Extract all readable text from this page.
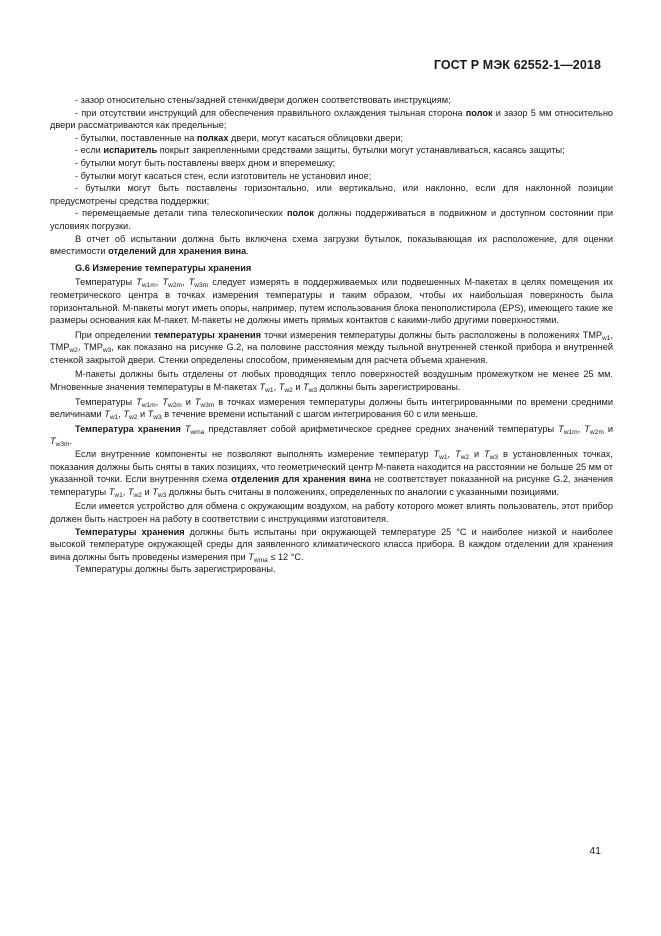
ГОСТ Р МЭК 62552-1—2018

- зазор относительно стены/задней стенки/двери должен соответствовать инструкциям;

- при отсутствии инструкций для обеспечения правильного охлаждения тыльная сторона полок и зазор 5 мм относительно двери рассматриваются как предельные;

- бутылки, поставленные на полках двери, могут касаться облицовки двери;

- если испаритель покрыт закрепленными средствами защиты, бутылки могут устанавливаться, касаясь защиты;

- бутылки могут быть поставлены вверх дном и вперемешку;

- бутылки могут касаться стен, если изготовитель не установил иное;

- бутылки могут быть поставлены горизонтально, или вертикально, или наклонно, если для наклонной позиции предусмотрены средства поддержки;

- перемещаемые детали типа телескопических полок должны поддерживаться в подвижном и доступном состоянии при условиях погрузки.

В отчет об испытании должна быть включена схема загрузки бутылок, показывающая их расположение, для оценки вместимости отделений для хранения вина.

G.6 Измерение температуры хранения

Температуры $T_{w1m}$, $T_{w2m}$, $T_{w3m}$ следует измерять в поддерживаемых или подвешенных М-пакетах в целях помещения их геометрического центра в точках измерения температуры и таким образом, чтобы их наибольшая поверхность была горизонтальной. М-пакеты могут иметь опоры, например, путем использования блока пенополистирола (EPS), имеющего такие же размеры основания как М-пакет. М-пакеты не должны иметь прямых контактов с какими-либо другими поверхностями.

При определении температуры хранения точки измерения температуры должны быть расположены в положениях $TMP_{w1}$, $TMP_{w2}$, $TMP_{w3}$, как показано на рисунке G.2, на половине расстояния между тыльной внутренней стенкой прибора и внутренней стенкой закрытой двери. Стенки определены способом, применяемым для расчета объема хранения.

М-пакеты должны быть отделены от любых проводящих тепло поверхностей воздушным промежутком не менее 25 мм. Мгновенные значения температуры в М-пакетах $T_{w1}$, $T_{w2}$ и $T_{w3}$ должны быть зарегистрированы.

Температуры $T_{w1m}$, $T_{w2m}$ и $T_{w3m}$ в точках измерения температуры должны быть интегрированными по времени средними величинами $T_{w1}$, $T_{w2}$ и $T_{w3}$ в течение времени испытаний с шагом интегрирования 60 с или меньше.

Температура хранения $T_{wma}$ представляет собой арифметическое среднее средних значений температуры $T_{w1m}$, $T_{w2m}$ и $T_{w3m}$.

Если внутренние компоненты не позволяют выполнять измерение температур $T_{w1}$, $T_{w2}$ и $T_{w3}$ в установленных точках, показания должны быть сняты в таких позициях, что геометрический центр М-пакета находится на расстоянии не больше 25 мм от указанной точки. Если внутренняя схема отделения для хранения вина не соответствует показанной на рисунке G.2, значения температуры $T_{w1}$, $T_{w2}$ и $T_{w3}$ должны быть считаны в положениях, определенных по аналогии с указанными позициями.

Если имеется устройство для обмена с окружающим воздухом, на работу которого может влиять пользователь, этот прибор должен быть настроен на работу в соответствии с инструкциями изготовителя.

Температуры хранения должны быть испытаны при окружающей температуре 25 °С и наиболее низкой и наиболее высокой температуре окружающей среды для заявленного климатического класса прибора. В каждом отделении для хранения вина должны быть проведены измерения при $T_{wma} \le 12$ °С.

Температуры должны быть зарегистрированы.

41
